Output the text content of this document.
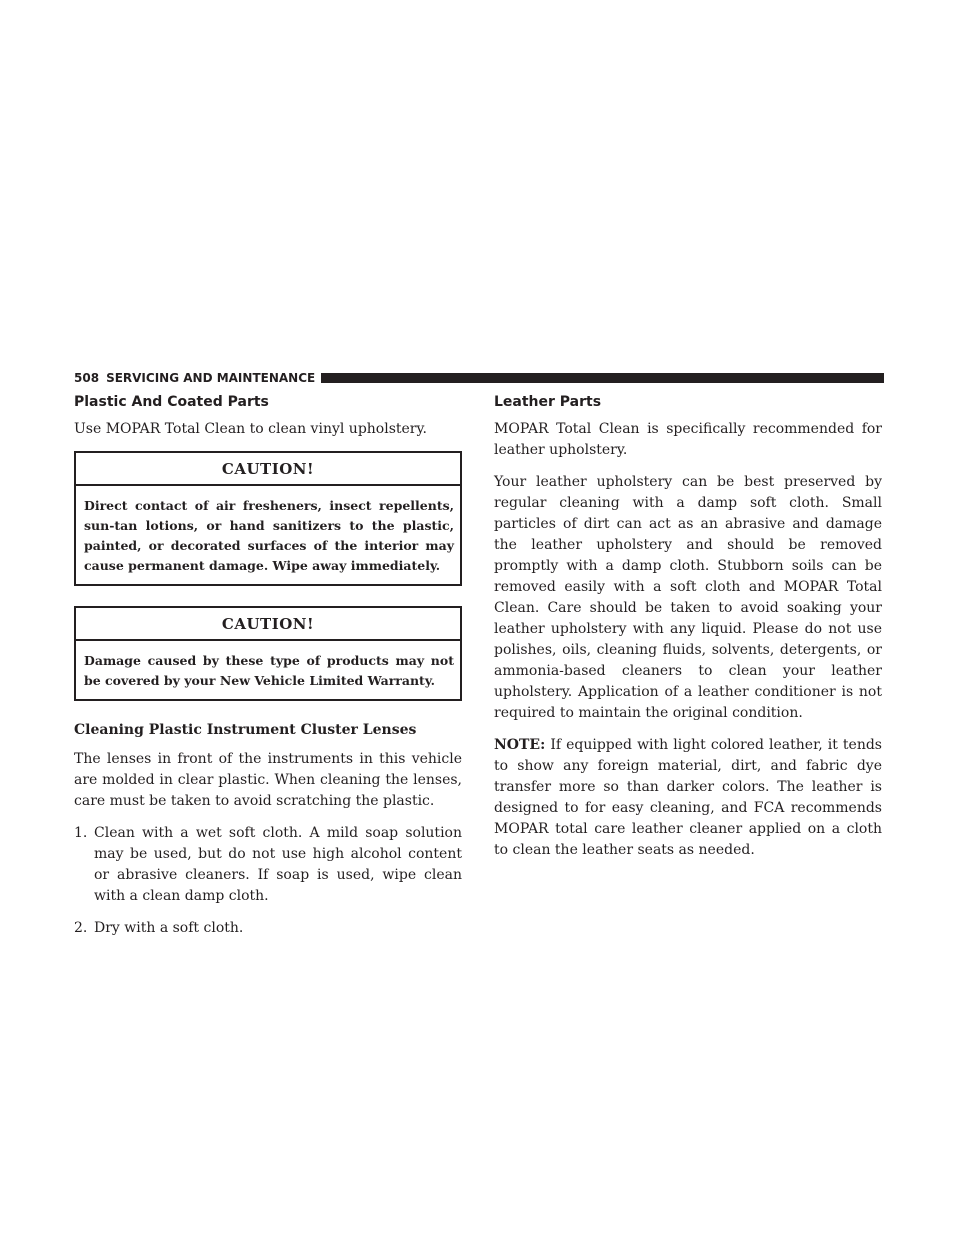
508 SERVICING AND MAINTENANCE
Plastic And Coated Parts

Use MOPAR Total Clean to clean vinyl upholstery.

CAUTION!
Direct contact of air fresheners, insect repellents, sun-tan lotions, or hand sanitizers to the plastic, painted, or decorated surfaces of the interior may cause permanent damage. Wipe away immediately.
CAUTION!
Damage caused by these type of products may not be covered by your New Vehicle Limited Warranty.
Cleaning Plastic Instrument Cluster Lenses

The lenses in front of the instruments in this vehicle are molded in clear plastic. When cleaning the lenses, care must be taken to avoid scratching the plastic.

1. Clean with a wet soft cloth. A mild soap solution may be used, but do not use high alcohol content or abrasive cleaners. If soap is used, wipe clean with a clean damp cloth.
2. Dry with a soft cloth.
Leather Parts

MOPAR Total Clean is specifically recommended for leather upholstery.

Your leather upholstery can be best preserved by regular cleaning with a damp soft cloth. Small particles of dirt can act as an abrasive and damage the leather upholstery and should be removed promptly with a damp cloth. Stubborn soils can be removed easily with a soft cloth and MOPAR Total Clean. Care should be taken to avoid soaking your leather upholstery with any liquid. Please do not use polishes, oils, cleaning fluids, solvents, detergents, or ammonia-based cleaners to clean your leather upholstery. Application of a leather conditioner is not required to maintain the original condition.

NOTE: If equipped with light colored leather, it tends to show any foreign material, dirt, and fabric dye transfer more so than darker colors. The leather is designed to for easy cleaning, and FCA recommends MOPAR total care leather cleaner applied on a cloth to clean the leather seats as needed.
